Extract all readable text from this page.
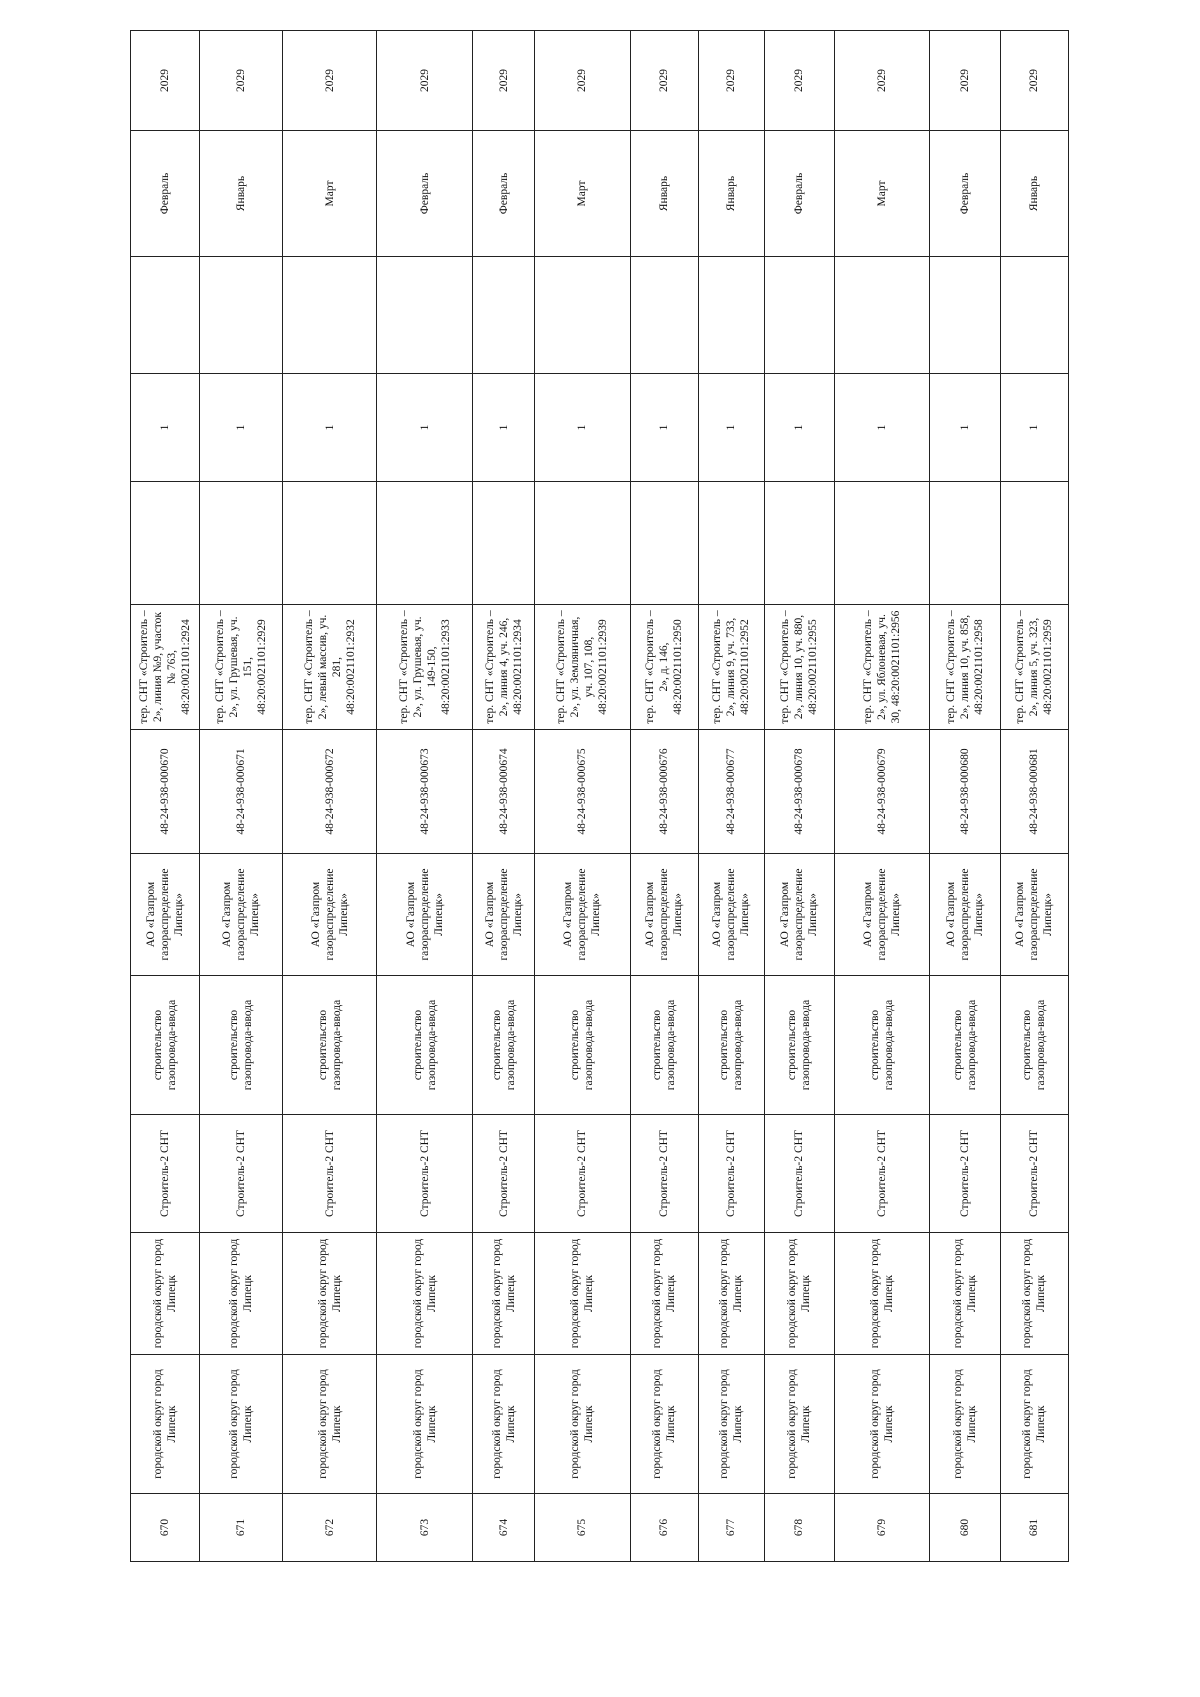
670	городской округ город Липецк	городской округ город Липецк	Строитель-2 СНТ	строительство газопровода-ввода	АО «Газпром газораспределение Липецк»	48-24-938-000670	тер. СНТ «Строитель – 2», линия №9, участок № 763, 48:20:0021101:2924		1		Февраль	2029
671	городской округ город Липецк	городской округ город Липецк	Строитель-2 СНТ	строительство газопровода-ввода	АО «Газпром газораспределение Липецк»	48-24-938-000671	тер. СНТ «Строитель – 2», ул. Грушевая, уч. 151, 48:20:0021101:2929		1		Январь	2029
672	городской округ город Липецк	городской округ город Липецк	Строитель-2 СНТ	строительство газопровода-ввода	АО «Газпром газораспределение Липецк»	48-24-938-000672	тер. СНТ «Строитель – 2», левый массив, уч. 281, 48:20:0021101:2932		1		Март	2029
673	городской округ город Липецк	городской округ город Липецк	Строитель-2 СНТ	строительство газопровода-ввода	АО «Газпром газораспределение Липецк»	48-24-938-000673	тер. СНТ «Строитель – 2», ул. Грушевая, уч. 149-150, 48:20:0021101:2933		1		Февраль	2029
674	городской округ город Липецк	городской округ город Липецк	Строитель-2 СНТ	строительство газопровода-ввода	АО «Газпром газораспределение Липецк»	48-24-938-000674	тер. СНТ «Строитель – 2», линия 4, уч. 246, 48:20:0021101:2934		1		Февраль	2029
675	городской округ город Липецк	городской округ город Липецк	Строитель-2 СНТ	строительство газопровода-ввода	АО «Газпром газораспределение Липецк»	48-24-938-000675	тер. СНТ «Строитель – 2», ул. Земляничная, уч. 107, 108, 48:20:0021101:2939		1		Март	2029
676	городской округ город Липецк	городской округ город Липецк	Строитель-2 СНТ	строительство газопровода-ввода	АО «Газпром газораспределение Липецк»	48-24-938-000676	тер. СНТ «Строитель – 2», д. 146, 48:20:0021101:2950		1		Январь	2029
677	городской округ город Липецк	городской округ город Липецк	Строитель-2 СНТ	строительство газопровода-ввода	АО «Газпром газораспределение Липецк»	48-24-938-000677	тер. СНТ «Строитель – 2», линия 9, уч. 733, 48:20:0021101:2952		1		Январь	2029
678	городской округ город Липецк	городской округ город Липецк	Строитель-2 СНТ	строительство газопровода-ввода	АО «Газпром газораспределение Липецк»	48-24-938-000678	тер. СНТ «Строитель – 2», линия 10, уч. 880, 48:20:0021101:2955		1		Февраль	2029
679	городской округ город Липецк	городской округ город Липецк	Строитель-2 СНТ	строительство газопровода-ввода	АО «Газпром газораспределение Липецк»	48-24-938-000679	тер. СНТ «Строитель – 2», ул. Яблоневая, уч. 30, 48:20:0021101:2956		1		Март	2029
680	городской округ город Липецк	городской округ город Липецк	Строитель-2 СНТ	строительство газопровода-ввода	АО «Газпром газораспределение Липецк»	48-24-938-000680	тер. СНТ «Строитель – 2», линия 10, уч. 858, 48:20:0021101:2958		1		Февраль	2029
681	городской округ город Липецк	городской округ город Липецк	Строитель-2 СНТ	строительство газопровода-ввода	АО «Газпром газораспределение Липецк»	48-24-938-000681	тер. СНТ «Строитель – 2», линия 5, уч. 323, 48:20:0021101:2959		1		Январь	2029
